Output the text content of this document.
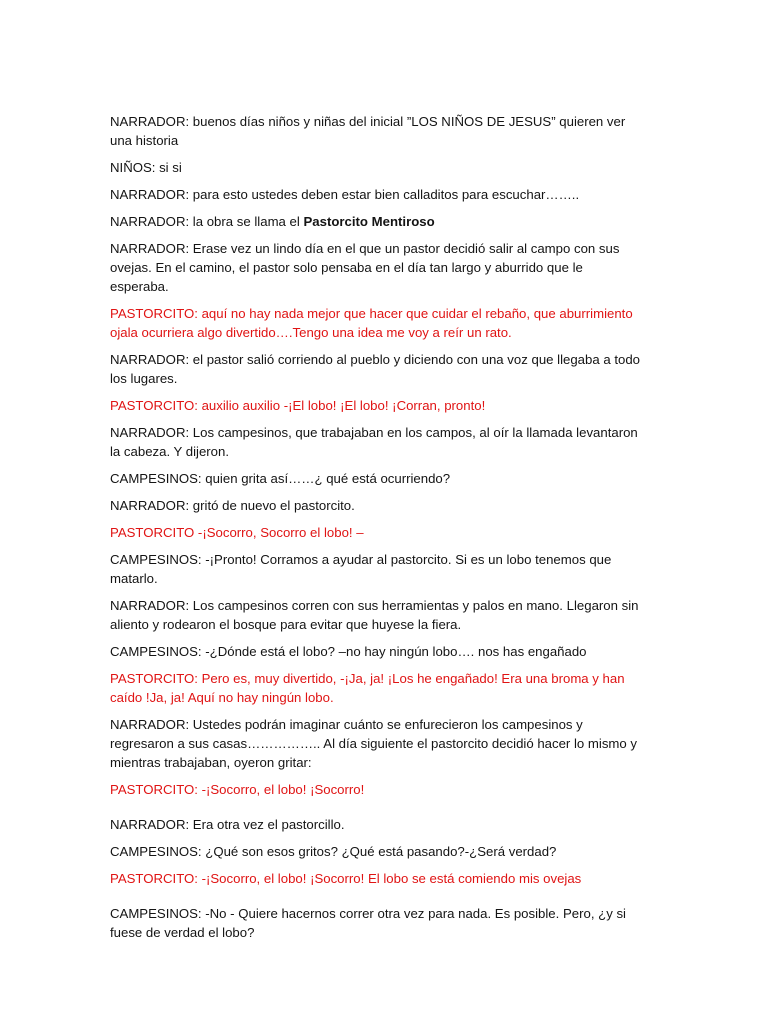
NARRADOR: buenos días niños y niñas del inicial ”LOS NIÑOS DE JESUS” quieren ver una historia

NIÑOS: si si

NARRADOR: para esto ustedes deben estar bien calladitos para escuchar……..

NARRADOR: la obra se llama el Pastorcito Mentiroso

NARRADOR: Erase vez un lindo día en el que un pastor decidió salir al campo con sus ovejas. En el camino, el pastor solo pensaba en el día tan largo y aburrido que le esperaba.

PASTORCITO: aquí no hay nada mejor que hacer que cuidar el rebaño, que aburrimiento ojala ocurriera algo divertido….Tengo una idea me voy a reír un rato.

NARRADOR: el pastor salió corriendo al pueblo y diciendo con una voz que llegaba a todo los lugares.

PASTORCITO: auxilio auxilio -¡El lobo! ¡El lobo! ¡Corran, pronto!

NARRADOR: Los campesinos, que trabajaban en los campos, al oír la llamada levantaron la cabeza. Y dijeron.

CAMPESINOS: quien grita así……¿ qué está ocurriendo?

NARRADOR: gritó de nuevo el pastorcito.

PASTORCITO -¡Socorro, Socorro el lobo! –

CAMPESINOS: -¡Pronto! Corramos a ayudar al pastorcito. Si es un lobo tenemos que matarlo.

NARRADOR: Los campesinos corren con sus herramientas y palos en mano. Llegaron sin aliento y rodearon el bosque para evitar que huyese la fiera.

CAMPESINOS: -¿Dónde está el lobo? –no hay ningún lobo…. nos has engañado

PASTORCITO: Pero es, muy divertido, -¡Ja, ja! ¡Los he engañado! Era una broma y han caído !Ja, ja! Aquí no hay ningún lobo.

NARRADOR: Ustedes podrán imaginar cuánto se enfurecieron los campesinos y regresaron a sus casas…………….. Al día siguiente el pastorcito decidió hacer lo mismo y mientras trabajaban, oyeron gritar:

PASTORCITO: -¡Socorro, el lobo! ¡Socorro!

NARRADOR: Era otra vez el pastorcillo.

CAMPESINOS: ¿Qué son esos gritos? ¿Qué está pasando?-¿Será verdad?

PASTORCITO: -¡Socorro, el lobo! ¡Socorro! El lobo se está comiendo mis ovejas

CAMPESINOS: -No - Quiere hacernos correr otra vez para nada. Es posible. Pero, ¿y si fuese de verdad el lobo?
